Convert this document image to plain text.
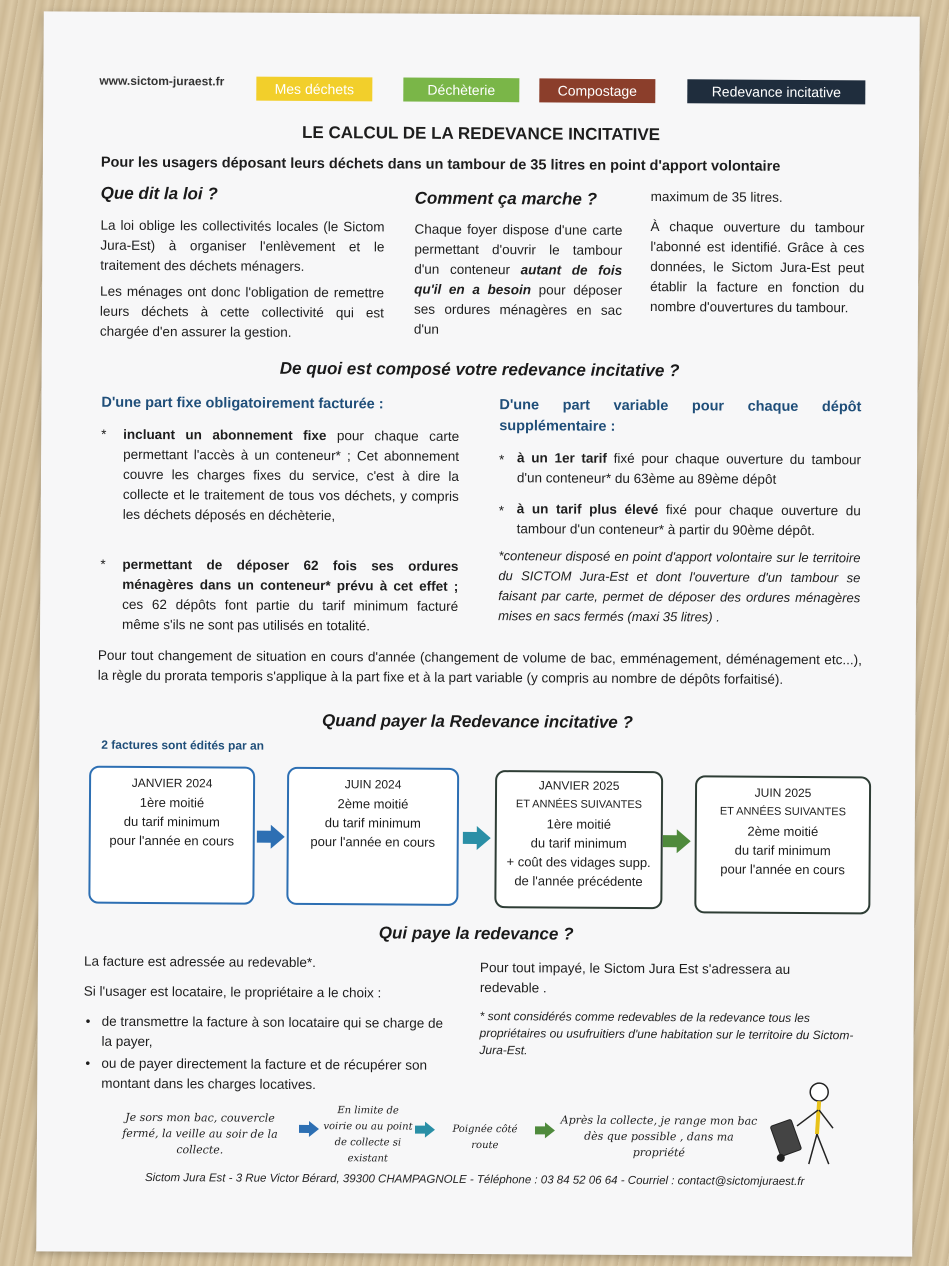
www.sictom-juraest.fr	Mes déchets	Déchèterie	Compostage	Redevance incitative
LE CALCUL DE LA REDEVANCE INCITATIVE
Pour les usagers déposant leurs déchets dans un tambour de 35 litres en point d'apport volontaire
Que dit la loi ?
La loi oblige les collectivités locales (le Sictom Jura-Est) à organiser l'enlèvement et le traitement des déchets ménagers.
Les ménages ont donc l'obligation de remettre leurs déchets à cette collectivité qui est chargée d'en assurer la gestion.
Comment ça marche ?
Chaque foyer dispose d'une carte permettant d'ouvrir le tambour d'un conteneur autant de fois qu'il en a besoin pour déposer ses ordures ménagères en sac d'un
maximum de 35 litres.
À chaque ouverture du tambour l'abonné est identifié. Grâce à ces données, le Sictom Jura-Est peut établir la facture en fonction du nombre d'ouvertures du tambour.
De quoi est composé votre redevance incitative ?
D'une part fixe obligatoirement facturée :
* incluant un abonnement fixe pour chaque carte permettant l'accès à un conteneur* ; Cet abonnement couvre les charges fixes du service, c'est à dire la collecte et le traitement de tous vos déchets, y compris les déchets déposés en déchèterie,
* permettant de déposer 62 fois ses ordures ménagères dans un conteneur* prévu à cet effet ; ces 62 dépôts font partie du tarif minimum facturé même s'ils ne sont pas utilisés en totalité.
D'une part variable pour chaque dépôt supplémentaire :
* à un 1er tarif fixé pour chaque ouverture du tambour d'un conteneur* du 63ème au 89ème dépôt
* à un tarif plus élevé fixé pour chaque ouverture du tambour d'un conteneur* à partir du 90ème dépôt.
*conteneur disposé en point d'apport volontaire sur le territoire du SICTOM Jura-Est et dont l'ouverture d'un tambour se faisant par carte, permet de déposer des ordures ménagères mises en sacs fermés (maxi 35 litres) .
Pour tout changement de situation en cours d'année (changement de volume de bac, emménagement, déménagement etc...), la règle du prorata temporis s'applique à la part fixe et à la part variable (y compris au nombre de dépôts forfaitisé).
Quand payer la Redevance incitative ?
2 factures sont édités par an
JANVIER 2024
1ère moitié
du tarif minimum
pour l'année en cours
JUIN 2024
2ème moitié
du tarif minimum
pour l'année en cours
JANVIER 2025
ET ANNÉES SUIVANTES
1ère moitié
du tarif minimum
+ coût des vidages supp.
de l'année précédente
JUIN 2025
ET ANNÉES SUIVANTES
2ème moitié
du tarif minimum
pour l'année en cours
Qui paye la redevance ?
La facture est adressée au redevable*.
Si l'usager est locataire, le propriétaire a le choix :
• de transmettre la facture à son locataire qui se charge de la payer,
• ou de payer directement la facture et de récupérer son montant dans les charges locatives.
Pour tout impayé, le Sictom Jura Est s'adressera au redevable .
* sont considérés comme redevables de la redevance tous les propriétaires ou usufruitiers d'une habitation sur le territoire du Sictom-Jura-Est.
Je sors mon bac, couvercle fermé, la veille au soir de la collecte.
En limite de voirie ou au point de collecte si existant
Poignée côté route
Après la collecte, je range mon bac dès que possible , dans ma propriété
Sictom Jura Est - 3 Rue Victor Bérard, 39300 CHAMPAGNOLE - Téléphone : 03 84 52 06 64 - Courriel : contact@sictomjuraest.fr
